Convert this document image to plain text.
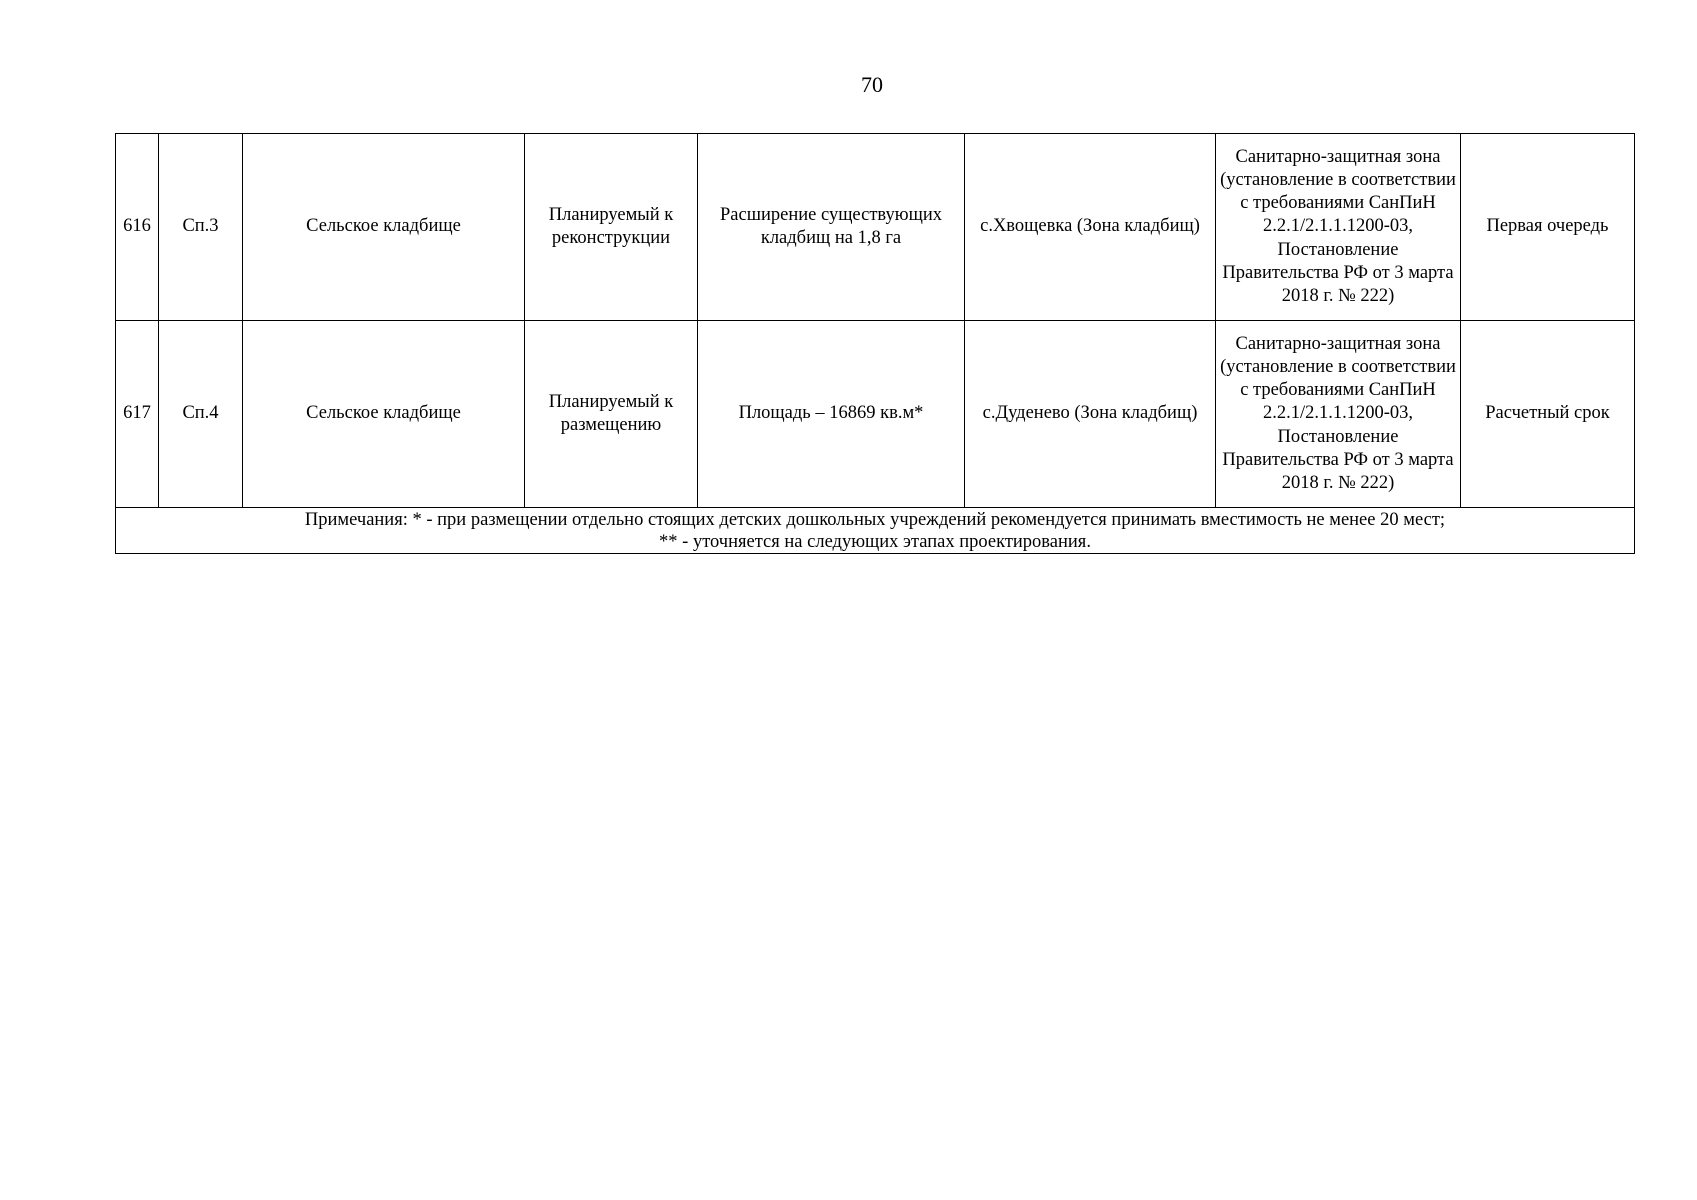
70
616	Сп.3	Сельское кладбище	Планируемый к реконструкции	Расширение существующих кладбищ на 1,8 га	с.Хвощевка (Зона кладбищ)	Санитарно-защитная зона (установление в соответствии с требованиями СанПиН 2.2.1/2.1.1.1200-03, Постановление Правительства РФ от 3 марта 2018 г. № 222)	Первая очередь
617	Сп.4	Сельское кладбище	Планируемый к размещению	Площадь – 16869 кв.м*	с.Дуденево (Зона кладбищ)	Санитарно-защитная зона (установление в соответствии с требованиями СанПиН 2.2.1/2.1.1.1200-03, Постановление Правительства РФ от 3 марта 2018 г. № 222)	Расчетный срок

Примечания: * - при размещении отдельно стоящих детских дошкольных учреждений рекомендуется принимать вместимость не менее 20 мест;
** - уточняется на следующих этапах проектирования.							
